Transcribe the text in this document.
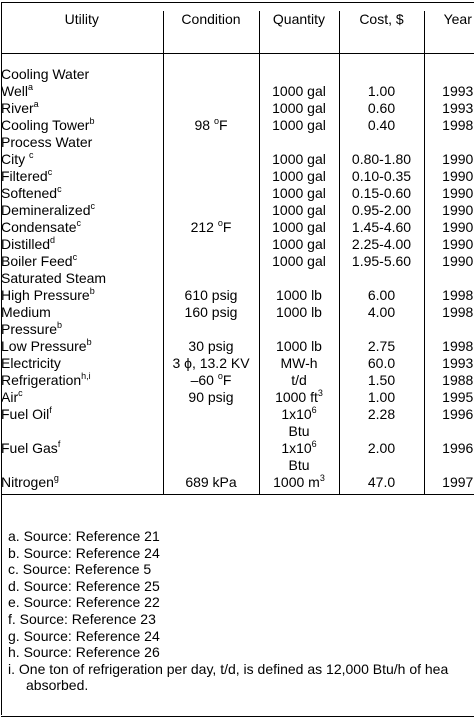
Utility	Condition	Quantity	Cost, $	Year

Cooling Water				
Well$^a$		1000 gal	1.00	1993
River$^a$		1000 gal	0.60	1993
Cooling Tower$^b$	98 $^o$F	1000 gal	0.40	1998
Process Water				
City $^c$		1000 gal	0.80-1.80	1990
Filtered$^c$		1000 gal	0.10-0.35	1990
Softened$^c$		1000 gal	0.15-0.60	1990
Demineralized$^c$		1000 gal	0.95-2.00	1990
Condensate$^c$	212 $^o$F	1000 gal	1.45-4.60	1990
Distilled$^d$		1000 gal	2.25-4.00	1990
Boiler Feed$^c$		1000 gal	1.95-5.60	1990
Saturated Steam				
High Pressure$^b$	610 psig	1000 lb	6.00	1998
Medium	160 psig	1000 lb	4.00	1998
Pressure$^b$				
Low Pressure$^b$	30 psig	1000 lb	2.75	1998
Electricity	3 ϕ, 13.2 KV	MW-h	60.0	1993
Refrigeration$^{h,i}$	–60 $^o$F	t/d	1.50	1988
Air$^c$	90 psig	1000 $ft^3$	1.00	1995
Fuel Oil$^f$		$1x10^6$	2.28	1996
		Btu		
Fuel Gas$^f$		$1x10^6$	2.00	1996
		Btu		
Nitrogen$^g$	689 kPa	1000 $m^3$	47.0	1997
a. Source: Reference 21
b. Source: Reference 24
c. Source: Reference 5
d. Source: Reference 25
e. Source: Reference 22
f. Source: Reference 23
g. Source: Reference 24
h. Source: Reference 26
i. One ton of refrigeration per day, t/d, is defined as 12,000 Btu/h of hea
absorbed.
